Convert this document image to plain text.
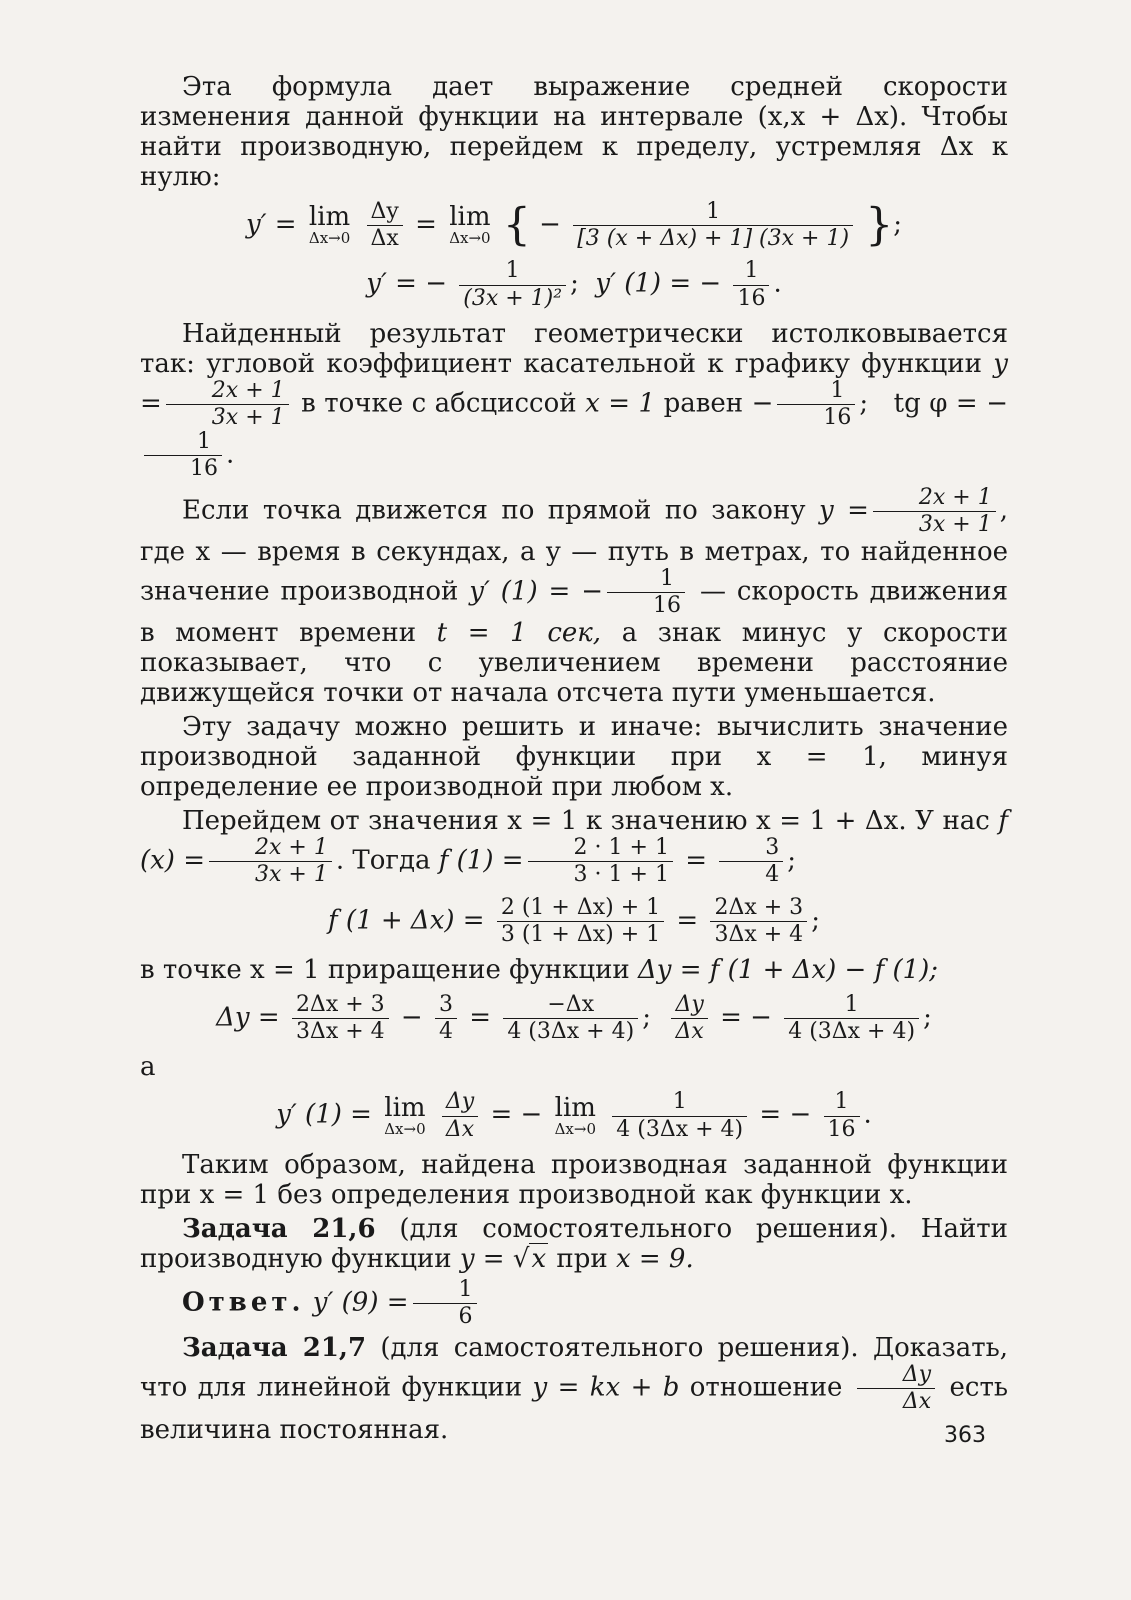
Эта формула дает выражение средней скорости изменения данной функции на интервале (x,x + Δx). Чтобы найти производную, перейдем к пределу, устремляя Δx к нулю:

y′ = lim
Δx→0
$\frac{\Delta y}{\Delta x} = \lim$
Δx→0 { − $\frac{1}{[3 (x + \Delta x) + 1] (3x + 1)}$ };
y′ = − $\frac{1}{\text{(3x + 1)²}}$ ;  y′ (1) = − $\frac{1}{16}$ .

Найденный результат геометрически истолковывается так: угловой коэффициент касательной к графику функции $y = \frac{2x + 1}{3x + 1}$ в точке с абсциссой x = 1 равен − $\frac{1}{16}$ ;   tg φ = −
$\frac{1}{16}$ .

Если точка движется по прямой по закону $y = \frac{2x + 1}{3x + 1}$ , где x — время в секундах, а y — путь в метрах, то найденное значение производной y′ (1) = − $\frac{1}{16}$ — скорость движения в момент времени t = 1 сек, а знак минус у скорости показывает, что с увеличением времени расстояние движущейся точки от начала отсчета пути уменьшается.

Эту задачу можно решить и иначе: вычислить значение производной заданной функции при x = 1, минуя определение ее производной при любом x.

Перейдем от значения x = 1 к значению x = 1 + Δx. У нас f $(x) = \frac{2x + 1}{3x + 1}$ . Тогда f $(1) = \frac{2 \cdot 1 + 1}{3 \cdot 1 + 1} = \frac{3}{4}$ ;

f $(1 + \Delta x) = \frac{2 (1 + \Delta x) + 1}{3 (1 + \Delta x) + 1} = \frac{2\Delta x + 3}{3\Delta x + 4}$ ;

в точке x = 1 приращение функции Δy = f (1 + Δx) − f (1);

$\Delta y = \frac{2\Delta x + 3}{3\Delta x + 4} - \frac{3}{4} = \frac{-\Delta x}{4 (3\Delta x + 4)}$ ; $\frac{\Delta y}{\Delta x}$ = − $\frac{1}{4 (3\Delta x + 4)}$ ;

а

y′ (1) = lim
Δx→0
$\frac{\Delta y}{\Delta x}$ = − lim
Δx→0
$\frac{1}{4 (3\Delta x + 4)}$ = − $\frac{1}{16}$ .

Таким образом, найдена производная заданной функции при x = 1 без определения производной как функции x.

Задача 21,6 (для сомостоятельного решения). Найти производную функции y = √x при x = 9.

Ответ. y′ $(9) = \frac{1}{6}$

Задача 21,7 (для самостоятельного решения). Доказать, что для линейной функции y = kx + b отношение $\frac{\Delta y}{\Delta x}$ есть величина постоянная.	363
